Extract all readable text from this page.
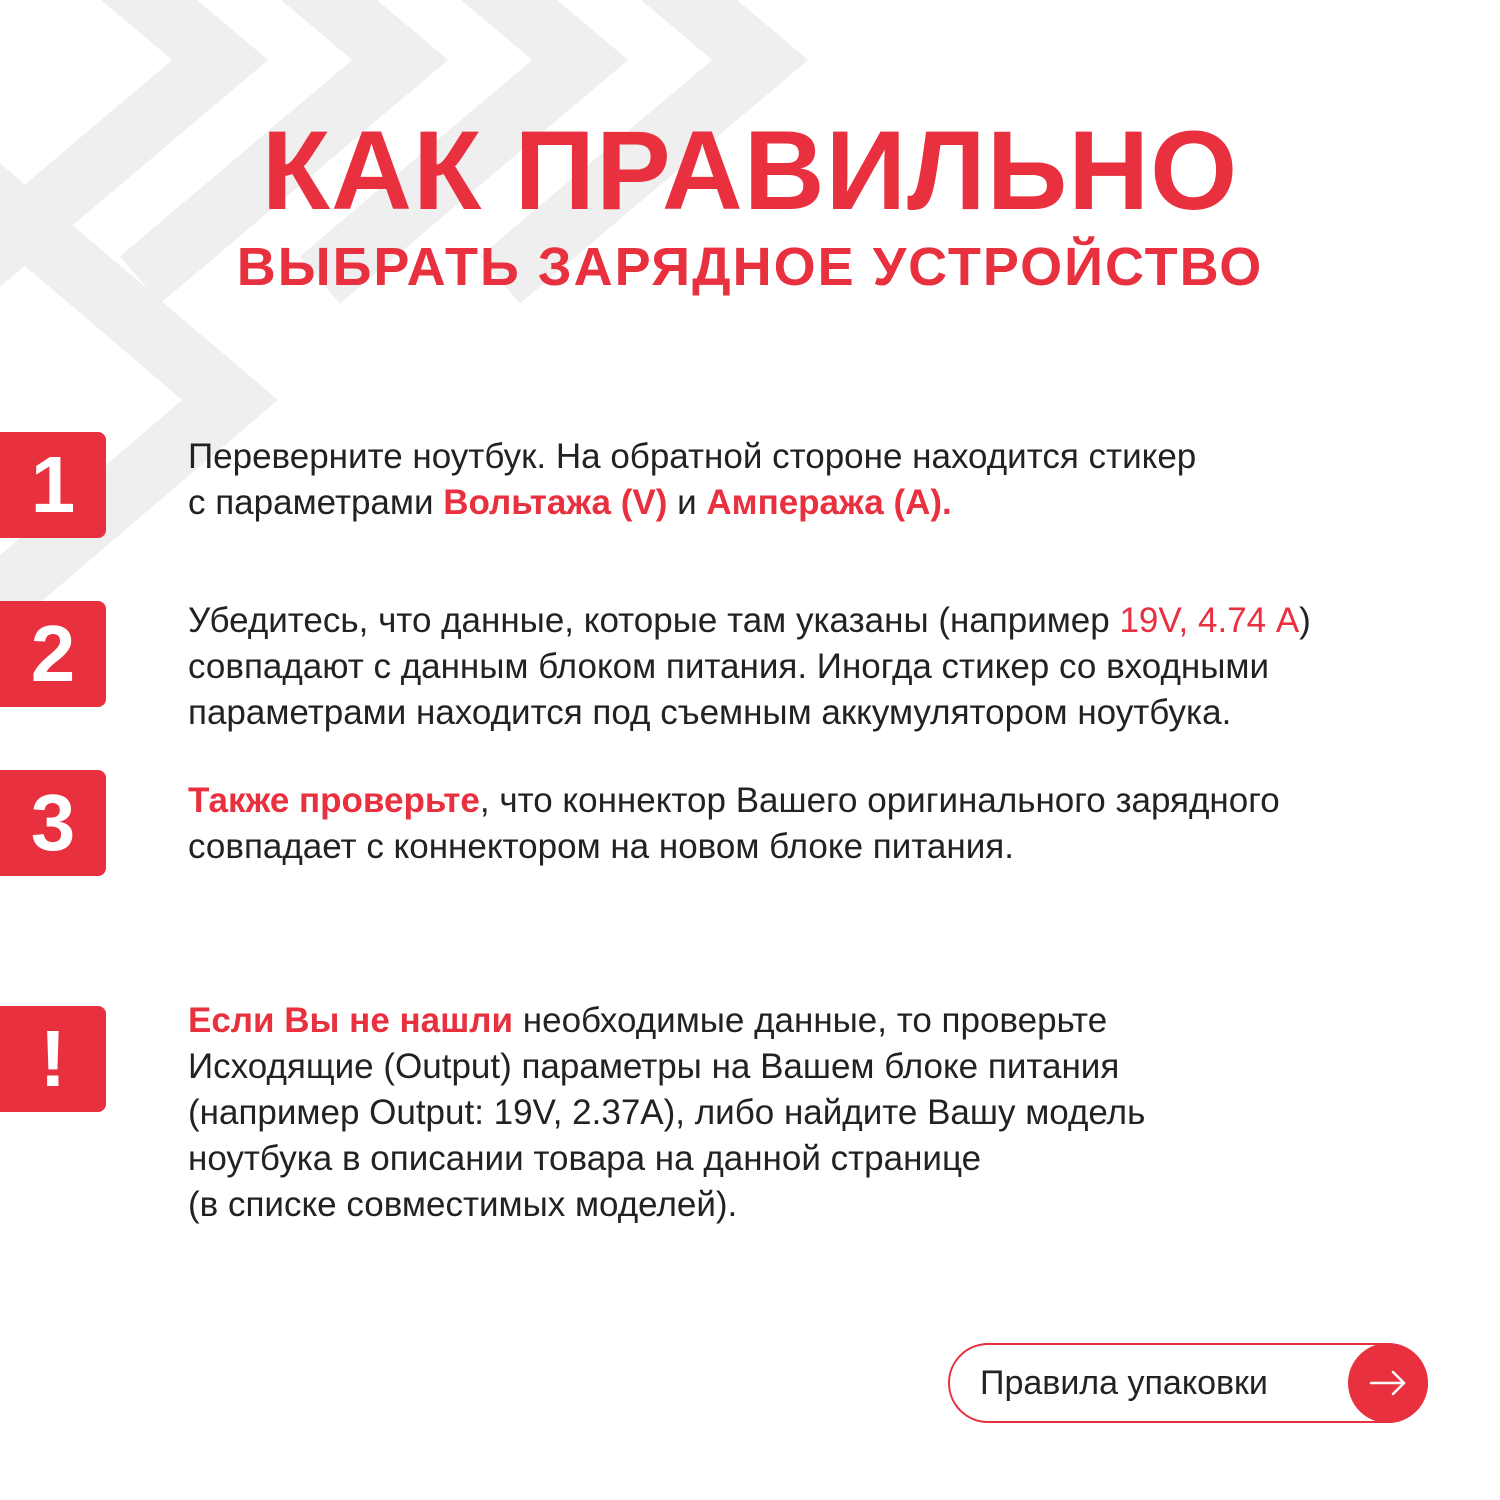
КАК ПРАВИЛЬНО
ВЫБРАТЬ ЗАРЯДНОЕ УСТРОЙСТВО
1	Переверните ноутбук. На обратной стороне находится стикер
с параметрами Вольтажа (V) и Ампеража (А).
2	Убедитесь, что данные, которые там указаны (например 19V, 4.74 А)
совпадают с данным блоком питания. Иногда стикер со входными
параметрами находится под съемным аккумулятором ноутбука.
3	Также проверьте, что коннектор Вашего оригинального зарядного
совпадает с коннектором на новом блоке питания.
!	Если Вы не нашли необходимые данные, то проверьте
Исходящие (Output) параметры на Вашем блоке питания
(например Output: 19V, 2.37А), либо найдите Вашу модель
ноутбука в описании товара на данной странице
(в списке совместимых моделей).
Правила упаковки
